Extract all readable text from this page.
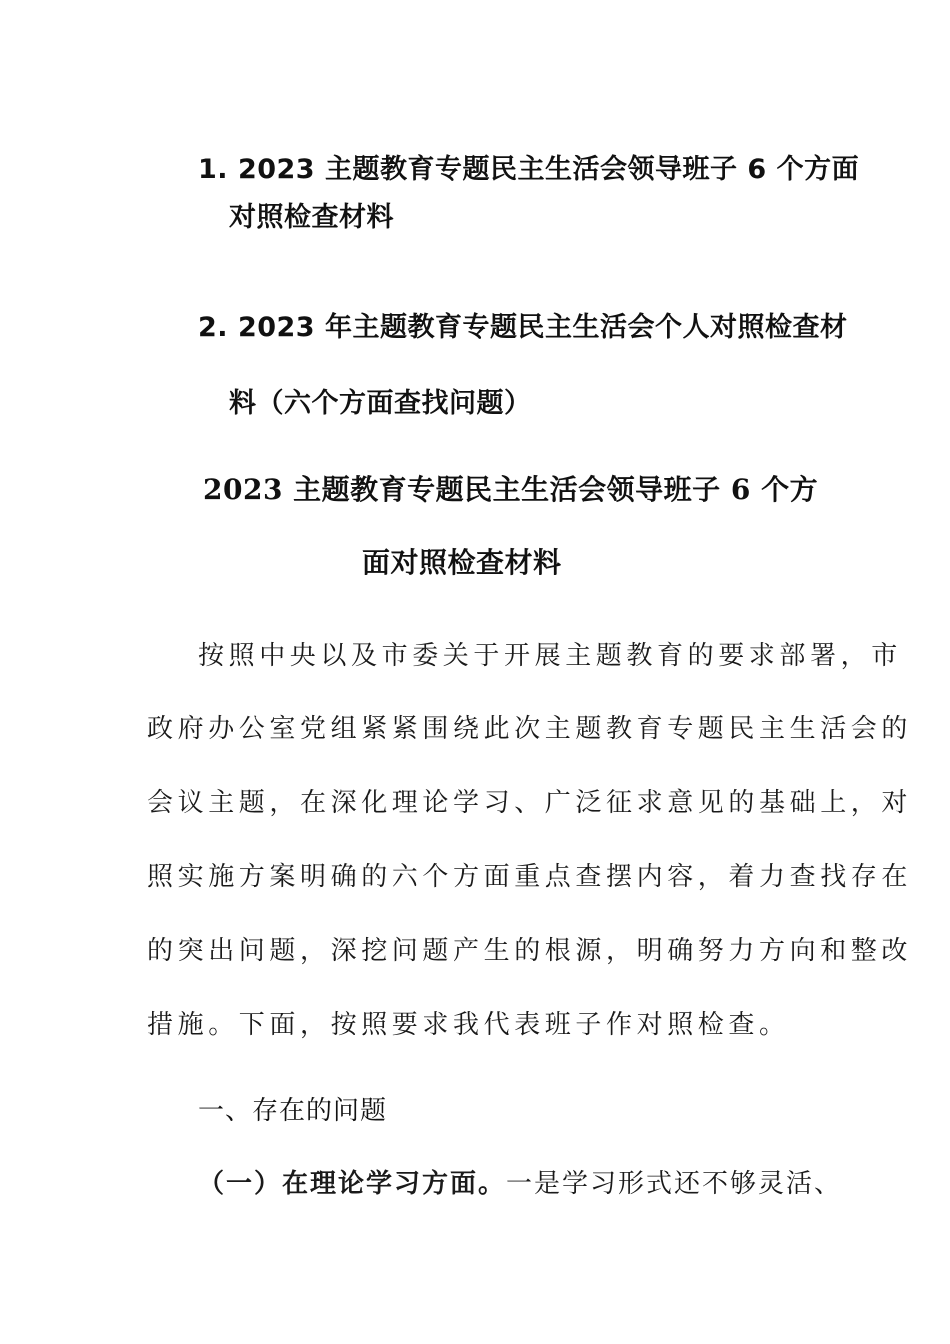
1. 2023 主题教育专题民主生活会领导班子 6 个方面
对照检查材料
2. 2023 年主题教育专题民主生活会个人对照检查材
料（六个方面查找问题）
2023 主题教育专题民主生活会领导班子 6 个方
面对照检查材料
按照中央以及市委关于开展主题教育的要求部署，市
政府办公室党组紧紧围绕此次主题教育专题民主生活会的
会议主题，在深化理论学习、广泛征求意见的基础上，对
照实施方案明确的六个方面重点查摆内容，着力查找存在
的突出问题，深挖问题产生的根源，明确努力方向和整改
措施。下面，按照要求我代表班子作对照检查。
一、存在的问题
（一）在理论学习方面。一是学习形式还不够灵活、
